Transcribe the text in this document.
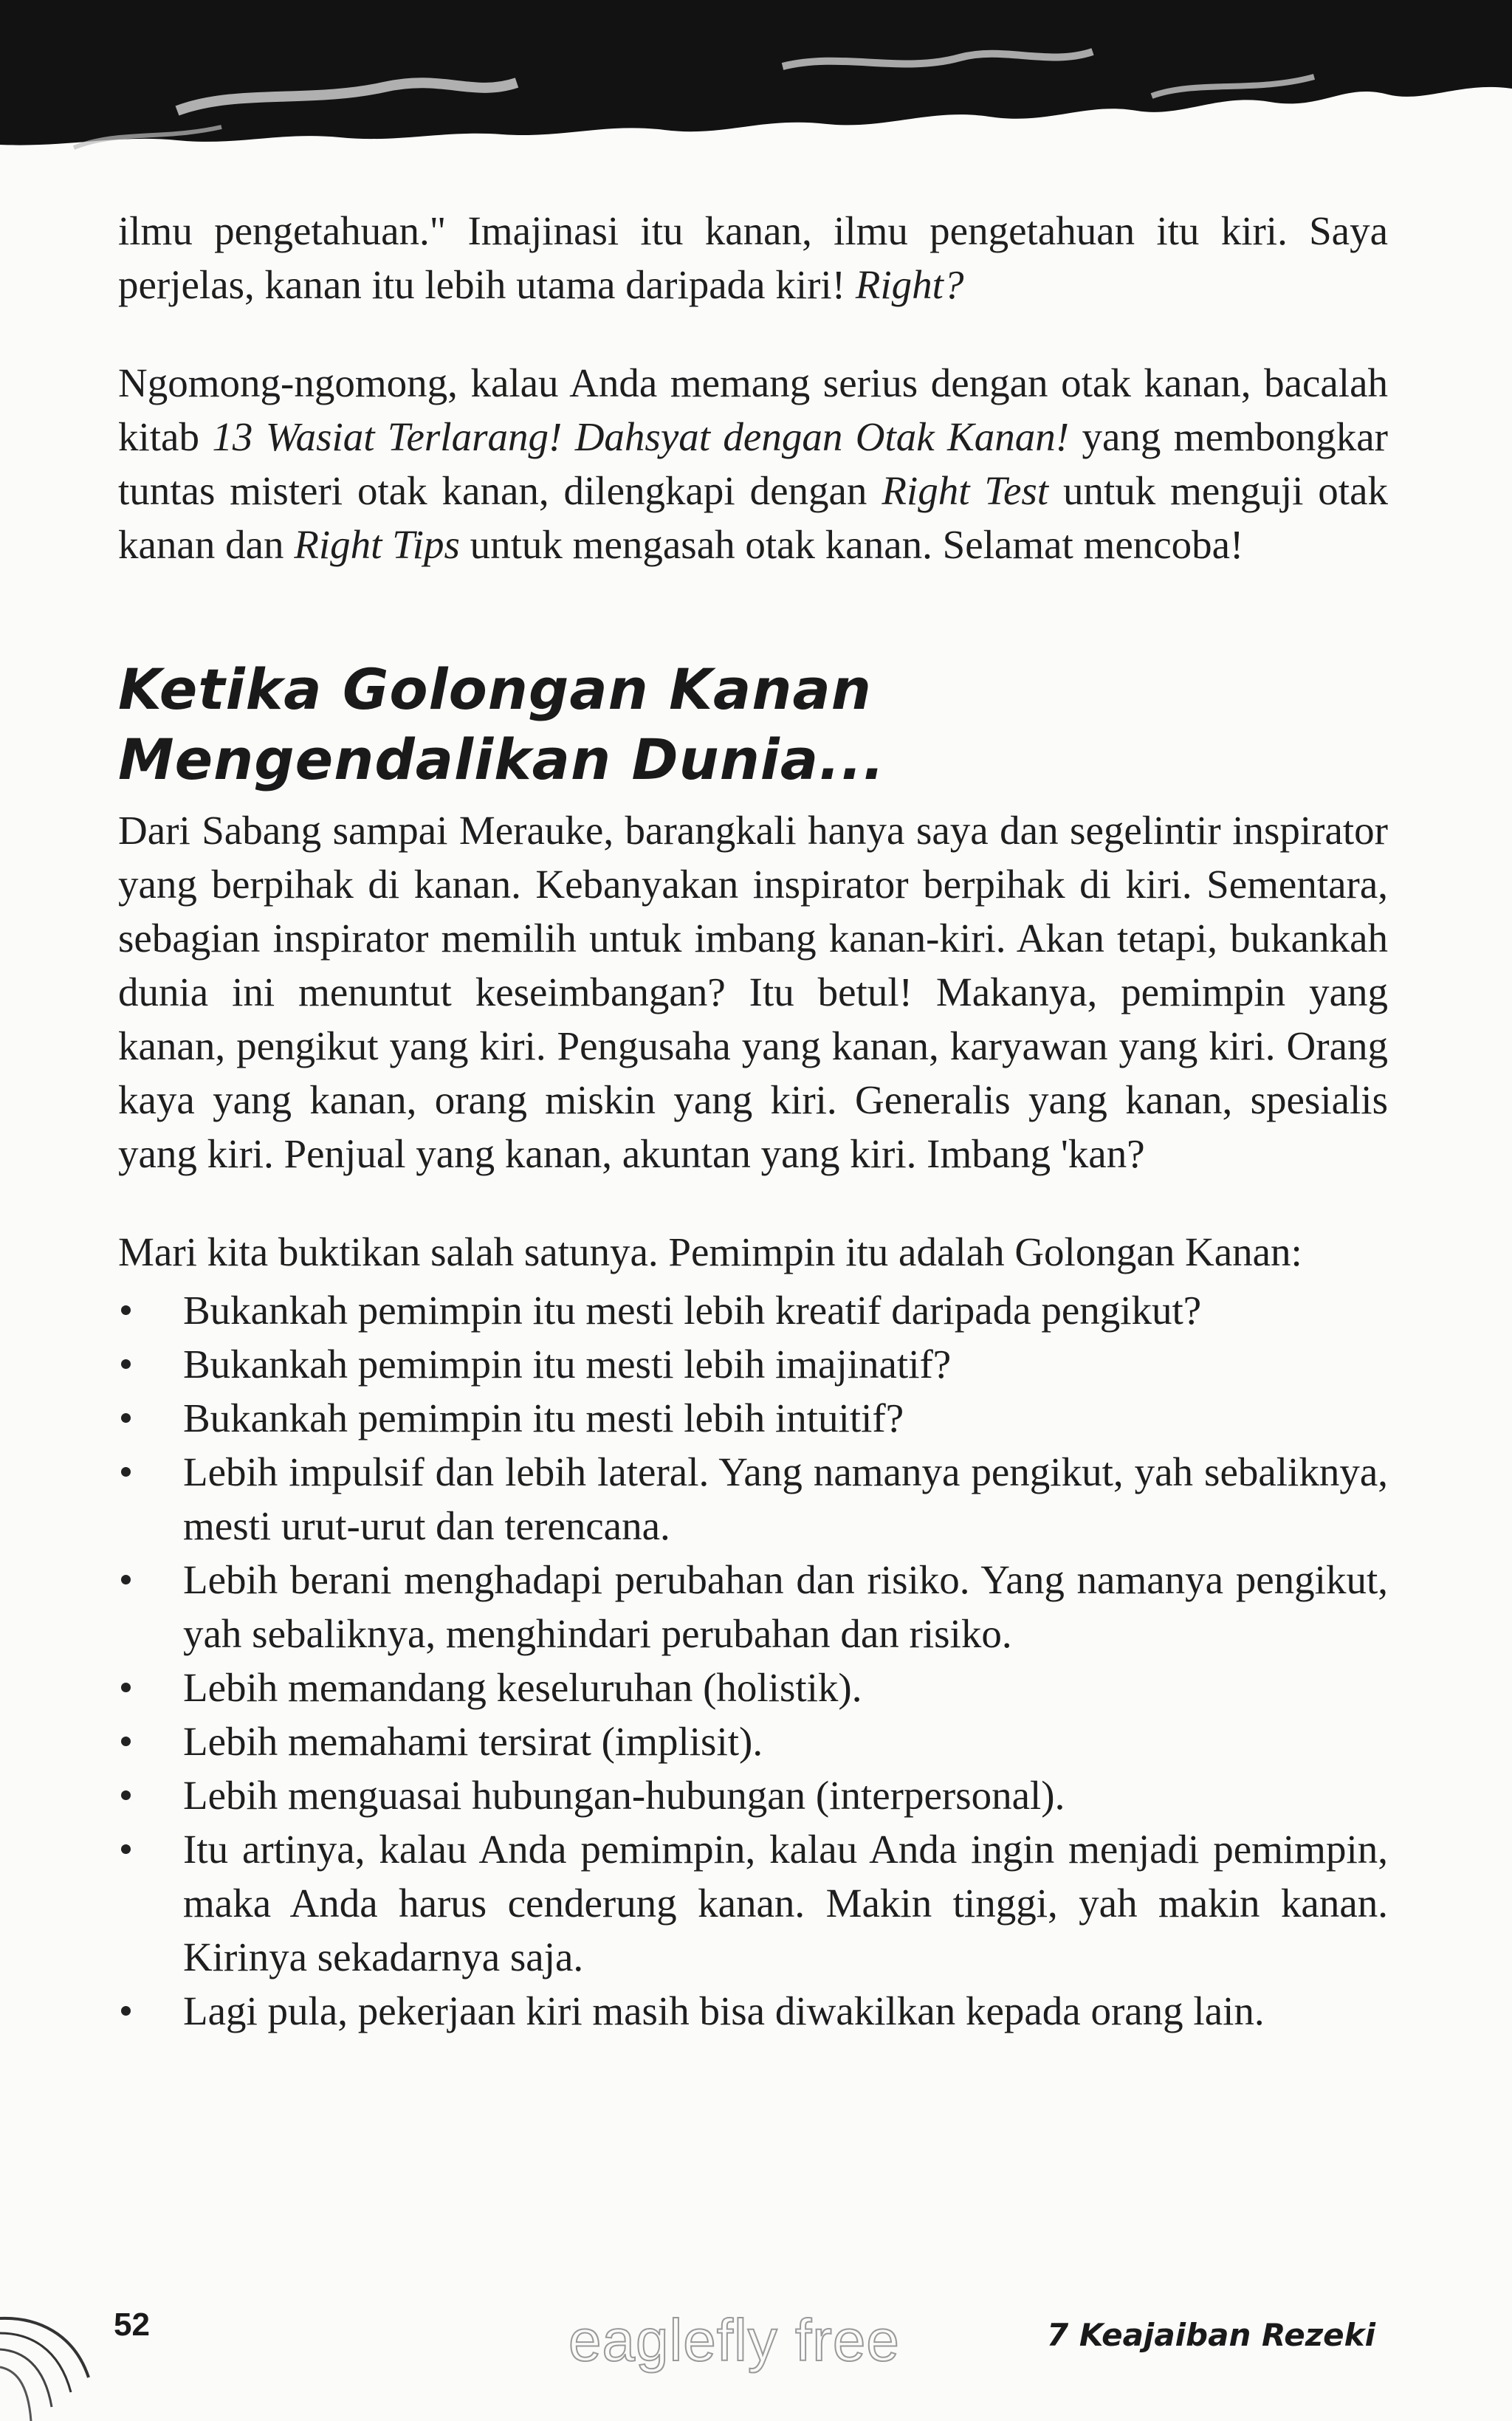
ilmu pengetahuan." Imajinasi itu kanan, ilmu pengetahuan itu kiri. Saya perjelas, kanan itu lebih utama daripada kiri! Right?

Ngomong-ngomong, kalau Anda memang serius dengan otak kanan, bacalah kitab 13 Wasiat Terlarang! Dahsyat dengan Otak Kanan! yang membongkar tuntas misteri otak kanan, dilengkapi dengan Right Test untuk menguji otak kanan dan Right Tips untuk mengasah otak kanan. Selamat mencoba!

Ketika Golongan Kanan
Mengendalikan Dunia...

Dari Sabang sampai Merauke, barangkali hanya saya dan segelintir inspirator yang berpihak di kanan. Kebanyakan inspirator berpihak di kiri. Sementara, sebagian inspirator memilih untuk imbang kanan-kiri. Akan tetapi, bukankah dunia ini menuntut keseimbangan? Itu betul! Makanya, pemimpin yang kanan, pengikut yang kiri. Pengusaha yang kanan, karyawan yang kiri. Orang kaya yang kanan, orang miskin yang kiri. Generalis yang kanan, spesialis yang kiri. Penjual yang kanan, akuntan yang kiri. Imbang 'kan?

Mari kita buktikan salah satunya. Pemimpin itu adalah Golongan Kanan:

Bukankah pemimpin itu mesti lebih kreatif daripada pengikut?
Bukankah pemimpin itu mesti lebih imajinatif?
Bukankah pemimpin itu mesti lebih intuitif?
Lebih impulsif dan lebih lateral. Yang namanya pengikut, yah sebaliknya, mesti urut-urut dan terencana.
Lebih berani menghadapi perubahan dan risiko. Yang namanya pengikut, yah sebaliknya, menghindari perubahan dan risiko.
Lebih memandang keseluruhan (holistik).
Lebih memahami tersirat (implisit).
Lebih menguasai hubungan-hubungan (interpersonal).
Itu artinya, kalau Anda pemimpin, kalau Anda ingin menjadi pemimpin, maka Anda harus cenderung kanan. Makin tinggi, yah makin kanan. Kirinya sekadarnya saja.
Lagi pula, pekerjaan kiri masih bisa diwakilkan kepada orang lain.
52	eaglefly free	7 Keajaiban Rezeki
